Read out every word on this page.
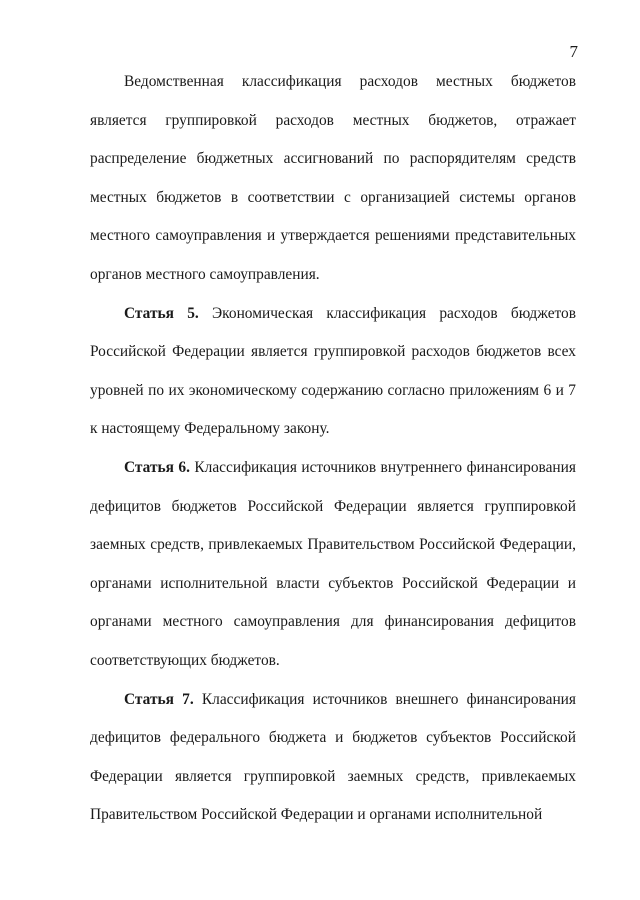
7

Ведомственная классификация расходов местных бюджетов является группировкой расходов местных бюджетов, отражает распределение бюджетных ассигнований по распорядителям средств местных бюджетов в соответствии с организацией системы органов местного самоуправления и утверждается решениями представительных органов местного самоуправления.

Статья 5. Экономическая классификация расходов бюджетов Российской Федерации является группировкой расходов бюджетов всех уровней по их экономическому содержанию согласно приложениям 6 и 7 к настоящему Федеральному закону.

Статья 6. Классификация источников внутреннего финансирования дефицитов бюджетов Российской Федерации является группировкой заемных средств, привлекаемых Правительством Российской Федерации, органами исполнительной власти субъектов Российской Федерации и органами местного самоуправления для финансирования дефицитов соответствующих бюджетов.

Статья 7. Классификация источников внешнего финансирования дефицитов федерального бюджета и бюджетов субъектов Российской Федерации является группировкой заемных средств, привлекаемых Правительством Российской Федерации и органами исполнительной
